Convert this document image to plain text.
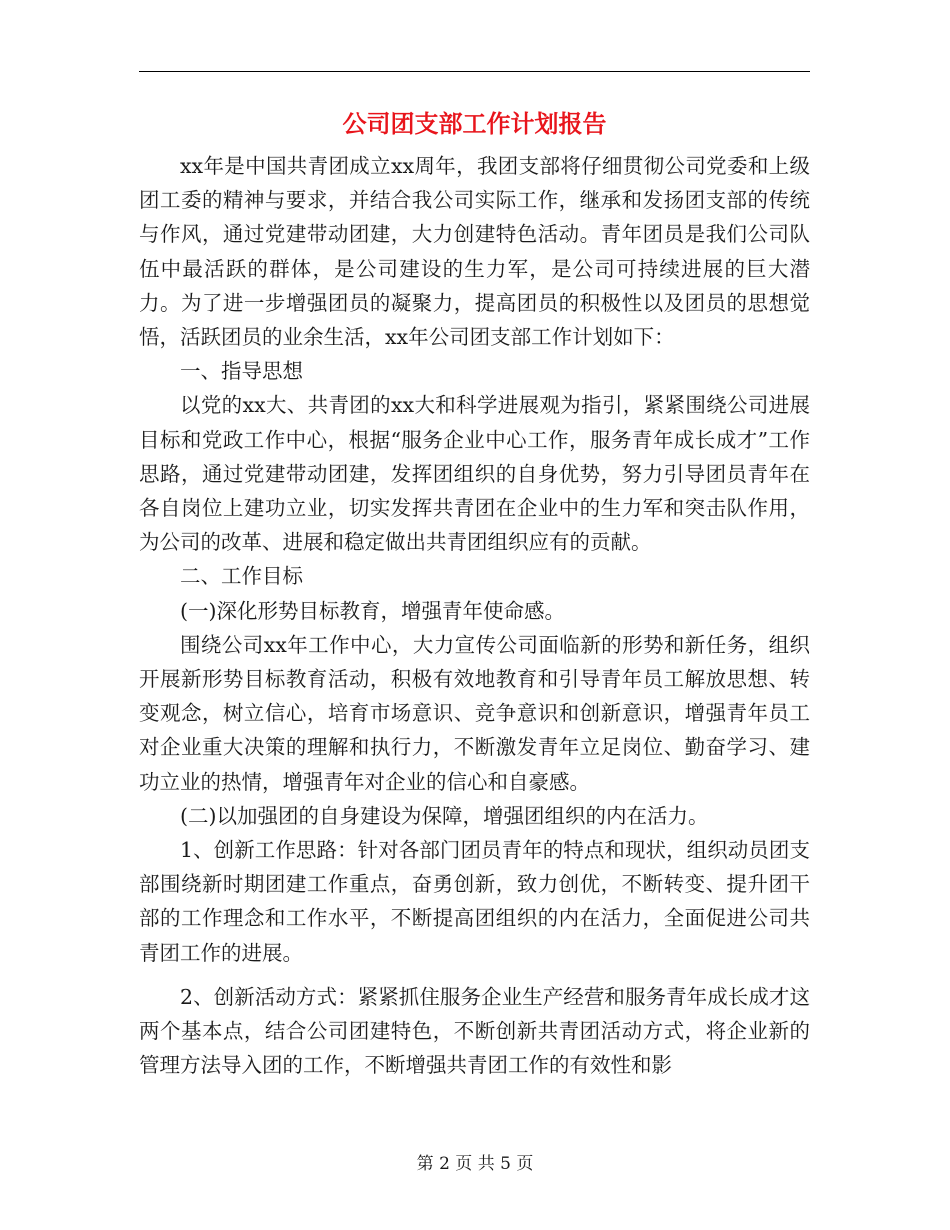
公司团支部工作计划报告

xx年是中国共青团成立xx周年，我团支部将仔细贯彻公司党委和上级团工委的精神与要求，并结合我公司实际工作，继承和发扬团支部的传统与作风，通过党建带动团建，大力创建特色活动。青年团员是我们公司队伍中最活跃的群体，是公司建设的生力军，是公司可持续进展的巨大潜力。为了进一步增强团员的凝聚力，提高团员的积极性以及团员的思想觉悟，活跃团员的业余生活，xx年公司团支部工作计划如下：

一、指导思想

以党的xx大、共青团的xx大和科学进展观为指引，紧紧围绕公司进展目标和党政工作中心，根据“服务企业中心工作，服务青年成长成才”工作思路，通过党建带动团建，发挥团组织的自身优势，努力引导团员青年在各自岗位上建功立业，切实发挥共青团在企业中的生力军和突击队作用，为公司的改革、进展和稳定做出共青团组织应有的贡献。

二、工作目标

(一)深化形势目标教育，增强青年使命感。

围绕公司xx年工作中心，大力宣传公司面临新的形势和新任务，组织开展新形势目标教育活动，积极有效地教育和引导青年员工解放思想、转变观念，树立信心，培育市场意识、竞争意识和创新意识，增强青年员工对企业重大决策的理解和执行力，不断激发青年立足岗位、勤奋学习、建功立业的热情，增强青年对企业的信心和自豪感。

(二)以加强团的自身建设为保障，增强团组织的内在活力。

1、创新工作思路：针对各部门团员青年的特点和现状，组织动员团支部围绕新时期团建工作重点，奋勇创新，致力创优，不断转变、提升团干部的工作理念和工作水平，不断提高团组织的内在活力，全面促进公司共青团工作的进展。

2、创新活动方式：紧紧抓住服务企业生产经营和服务青年成长成才这两个基本点，结合公司团建特色，不断创新共青团活动方式，将企业新的管理方法导入团的工作，不断增强共青团工作的有效性和影

第 2 页 共 5 页
